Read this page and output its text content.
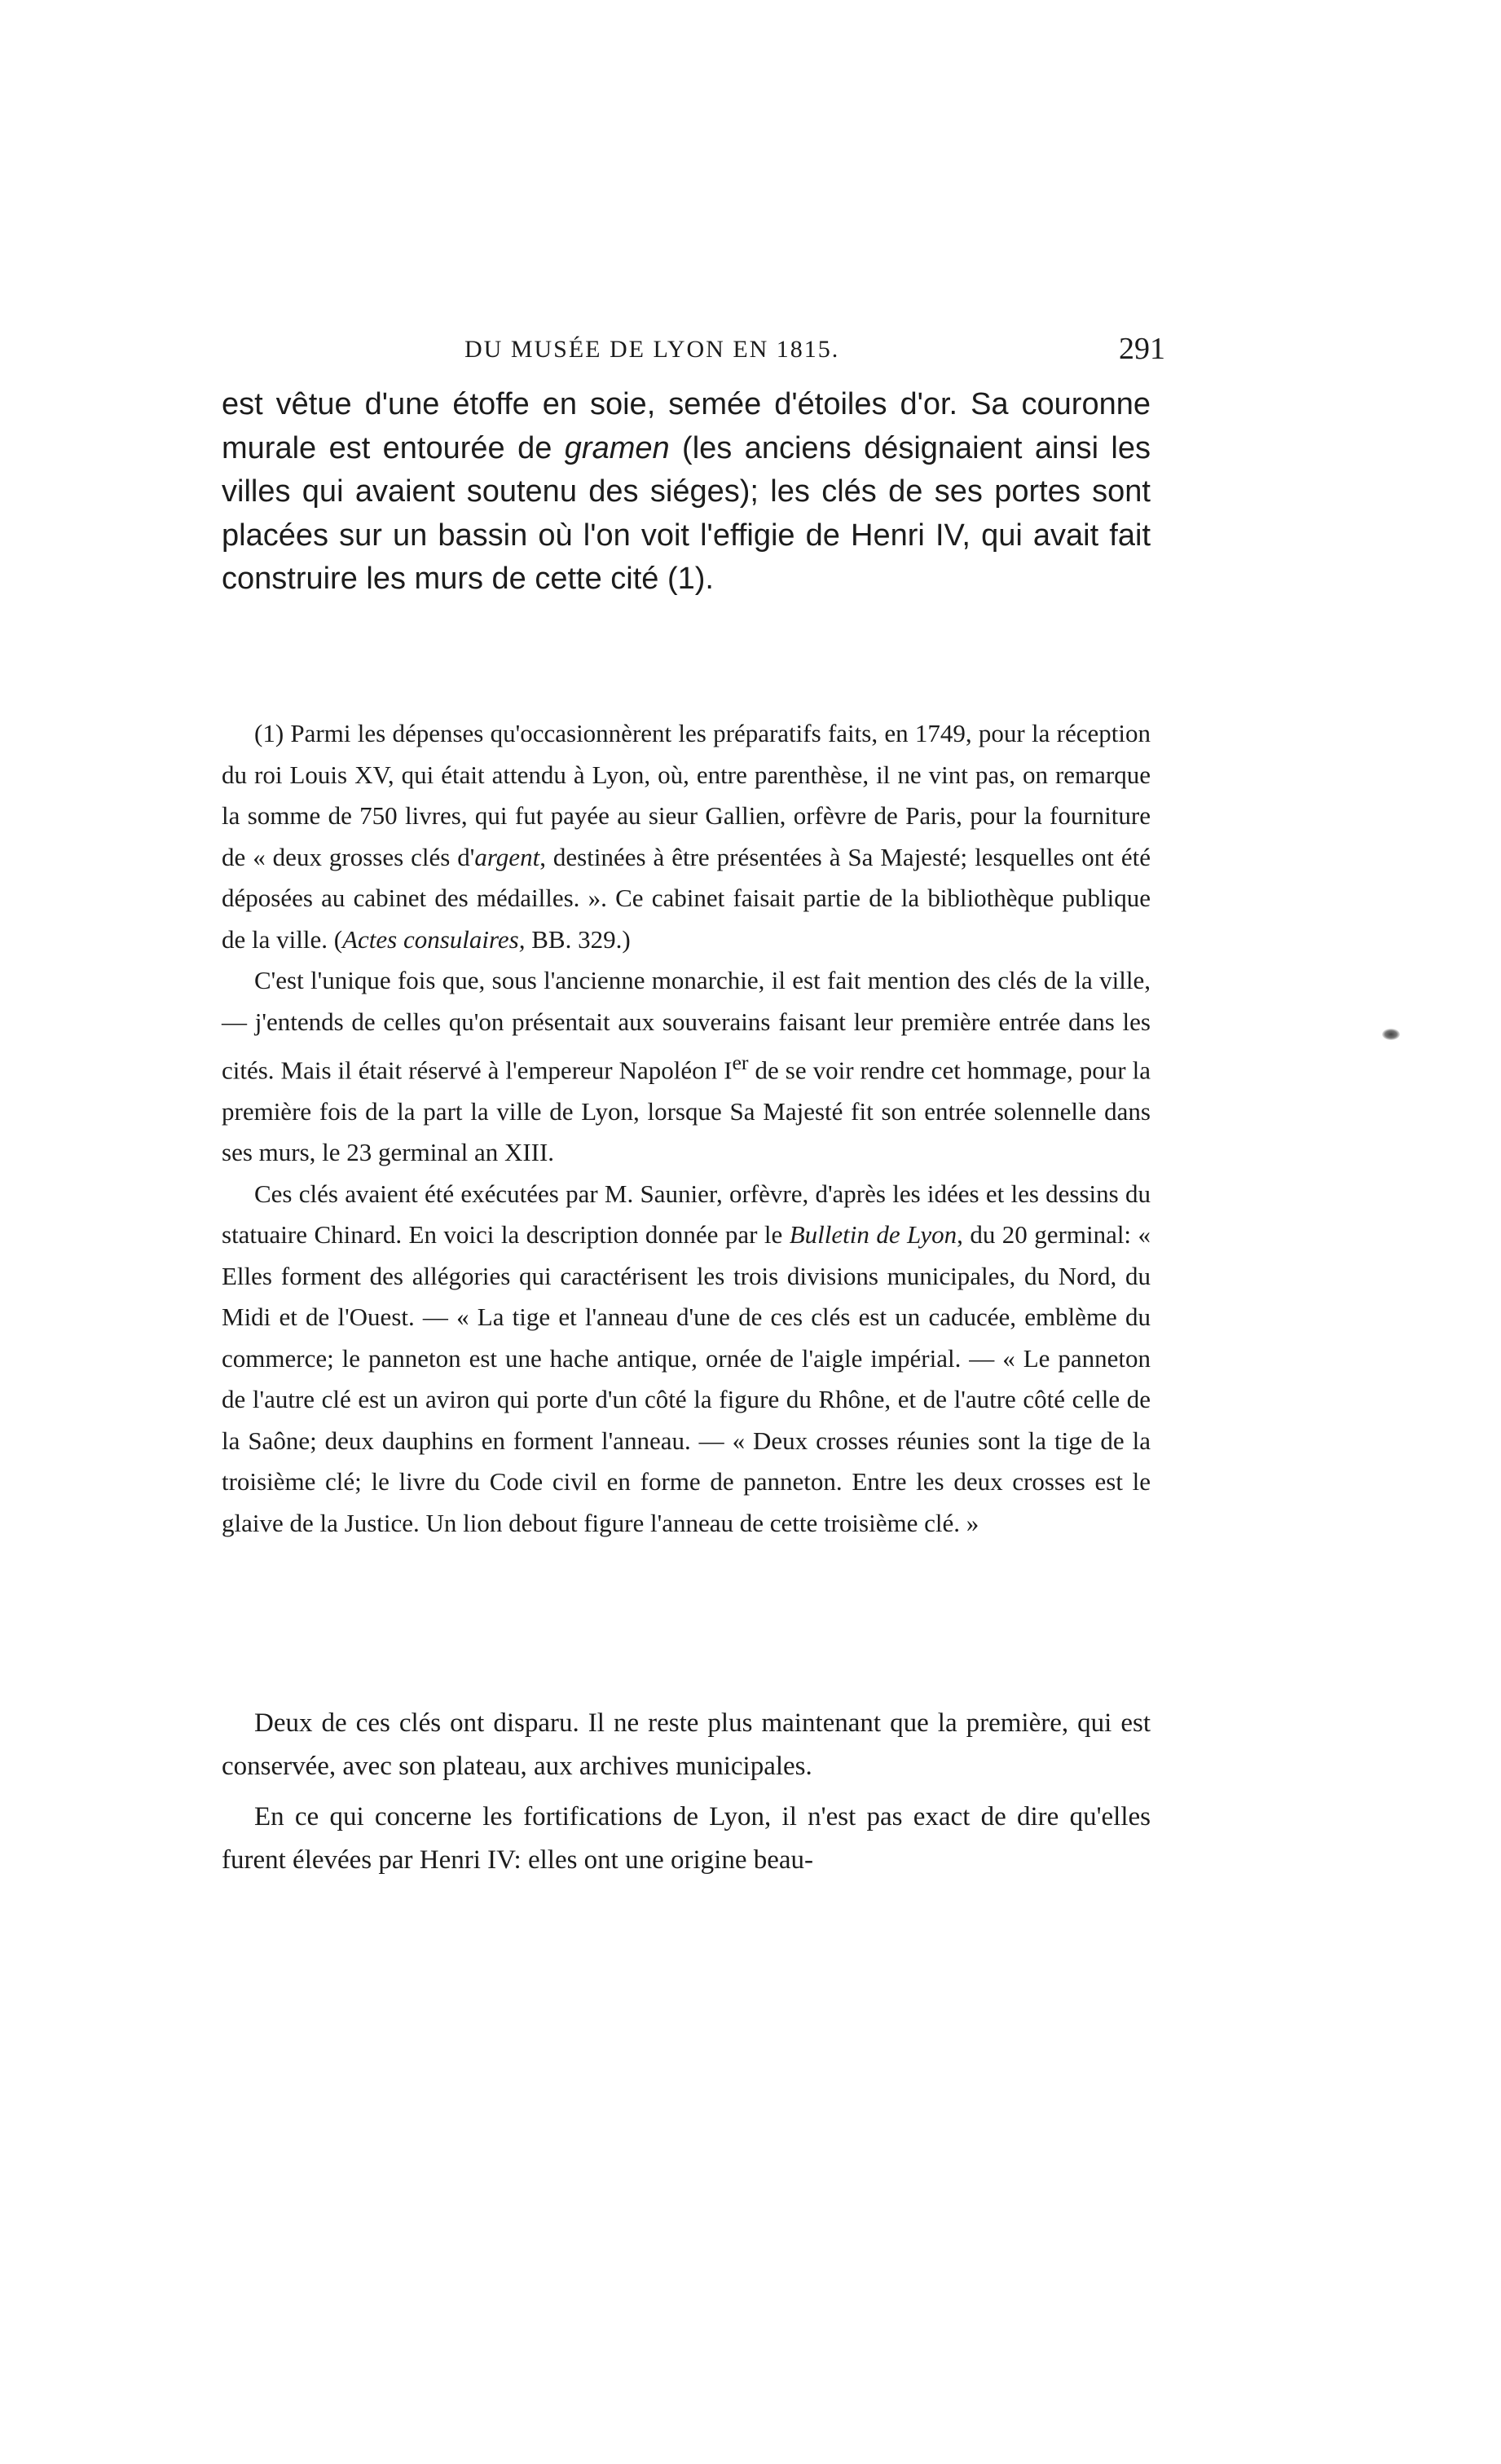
DU MUSÉE DE LYON EN 1815.	291

est vêtue d'une étoffe en soie, semée d'étoiles d'or. Sa couronne murale est entourée de gramen (les anciens désignaient ainsi les villes qui avaient soutenu des siéges); les clés de ses portes sont placées sur un bassin où l'on voit l'effigie de Henri IV, qui avait fait construire les murs de cette cité (1).

(1) Parmi les dépenses qu'occasionnèrent les préparatifs faits, en 1749, pour la réception du roi Louis XV, qui était attendu à Lyon, où, entre parenthèse, il ne vint pas, on remarque la somme de 750 livres, qui fut payée au sieur Gallien, orfèvre de Paris, pour la fourniture de « deux grosses clés d'argent, destinées à être présentées à Sa Majesté; lesquelles ont été déposées au cabinet des médailles. ». Ce cabinet faisait partie de la bibliothèque publique de la ville. (Actes consulaires, BB. 329.)

C'est l'unique fois que, sous l'ancienne monarchie, il est fait mention des clés de la ville, — j'entends de celles qu'on présentait aux souverains faisant leur première entrée dans les cités. Mais il était réservé à l'empereur Napoléon Ier de se voir rendre cet hommage, pour la première fois de la part la ville de Lyon, lorsque Sa Majesté fit son entrée solennelle dans ses murs, le 23 germinal an XIII.

Ces clés avaient été exécutées par M. Saunier, orfèvre, d'après les idées et les dessins du statuaire Chinard. En voici la description donnée par le Bulletin de Lyon, du 20 germinal: « Elles forment des allégories qui caractérisent les trois divisions municipales, du Nord, du Midi et de l'Ouest. — « La tige et l'anneau d'une de ces clés est un caducée, emblème du commerce; le panneton est une hache antique, ornée de l'aigle impérial. — « Le panneton de l'autre clé est un aviron qui porte d'un côté la figure du Rhône, et de l'autre côté celle de la Saône; deux dauphins en forment l'anneau. — « Deux crosses réunies sont la tige de la troisième clé; le livre du Code civil en forme de panneton. Entre les deux crosses est le glaive de la Justice. Un lion debout figure l'anneau de cette troisième clé. »

Deux de ces clés ont disparu. Il ne reste plus maintenant que la première, qui est conservée, avec son plateau, aux archives municipales.

En ce qui concerne les fortifications de Lyon, il n'est pas exact de dire qu'elles furent élevées par Henri IV: elles ont une origine beau-
